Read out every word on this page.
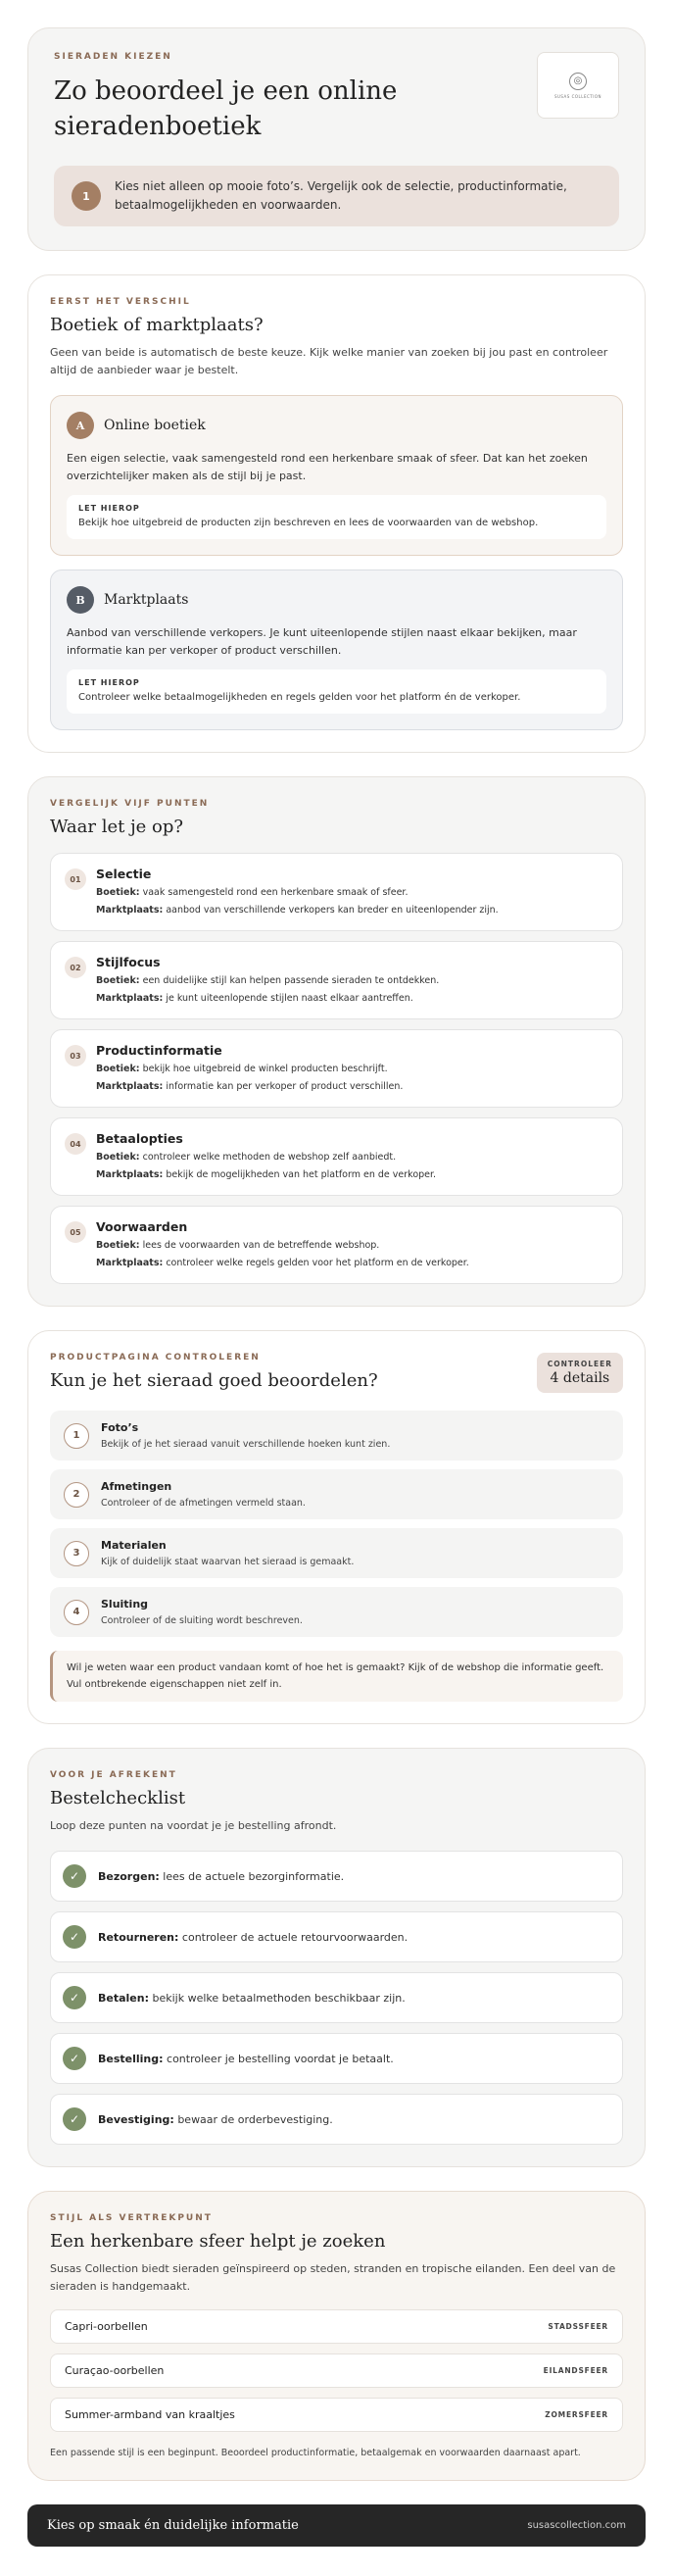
SIERADEN KIEZEN
Zo beoordeel je een online sieradenboetiek
◎
SUSAS COLLECTION
1

Kies niet alleen op mooie foto’s. Vergelijk ook de selectie, productinformatie, betaalmogelijkheden en voorwaarden.

EERST HET VERSCHIL
Boetiek of marktplaats?

Geen van beide is automatisch de beste keuze. Kijk welke manier van zoeken bij jou past en controleer altijd de aanbieder waar je bestelt.

A	Online boetiek

Een eigen selectie, vaak samengesteld rond een herkenbare smaak of sfeer. Dat kan het zoeken overzichtelijker maken als de stijl bij je past.

LET HIEROP
Bekijk hoe uitgebreid de producten zijn beschreven en lees de voorwaarden van de webshop.
B	Marktplaats

Aanbod van verschillende verkopers. Je kunt uiteenlopende stijlen naast elkaar bekijken, maar informatie kan per verkoper of product verschillen.

LET HIEROP
Controleer welke betaalmogelijkheden en regels gelden voor het platform én de verkoper.
VERGELIJK VIJF PUNTEN
Waar let je op?
01	Selectie
Boetiek: vaak samengesteld rond een herkenbare smaak of sfeer.
Marktplaats: aanbod van verschillende verkopers kan breder en uiteenlopender zijn.
02	Stijlfocus
Boetiek: een duidelijke stijl kan helpen passende sieraden te ontdekken.
Marktplaats: je kunt uiteenlopende stijlen naast elkaar aantreffen.
03	Productinformatie
Boetiek: bekijk hoe uitgebreid de winkel producten beschrijft.
Marktplaats: informatie kan per verkoper of product verschillen.
04	Betaalopties
Boetiek: controleer welke methoden de webshop zelf aanbiedt.
Marktplaats: bekijk de mogelijkheden van het platform en de verkoper.
05	Voorwaarden
Boetiek: lees de voorwaarden van de betreffende webshop.
Marktplaats: controleer welke regels gelden voor het platform en de verkoper.
PRODUCTPAGINA CONTROLEREN
Kun je het sieraad goed beoordelen?
CONTROLEER
4 details
1
Foto’s
Bekijk of je het sieraad vanuit verschillende hoeken kunt zien.
2
Afmetingen
Controleer of de afmetingen vermeld staan.
3
Materialen
Kijk of duidelijk staat waarvan het sieraad is gemaakt.
4
Sluiting
Controleer of de sluiting wordt beschreven.
Wil je weten waar een product vandaan komt of hoe het is gemaakt? Kijk of de webshop die informatie geeft. Vul ontbrekende eigenschappen niet zelf in.
VOOR JE AFREKENT
Bestelchecklist

Loop deze punten na voordat je je bestelling afrondt.

✓	Bezorgen: lees de actuele bezorginformatie.
✓	Retourneren: controleer de actuele retourvoorwaarden.
✓	Betalen: bekijk welke betaalmethoden beschikbaar zijn.
✓	Bestelling: controleer je bestelling voordat je betaalt.
✓	Bevestiging: bewaar de orderbevestiging.
STIJL ALS VERTREKPUNT
Een herkenbare sfeer helpt je zoeken

Susas Collection biedt sieraden geïnspireerd op steden, stranden en tropische eilanden. Een deel van de sieraden is handgemaakt.

Capri-oorbellen	STADSSFEER
Curaçao-oorbellen	EILANDSFEER
Summer-armband van kraaltjes	ZOMERSFEER

Een passende stijl is een beginpunt. Beoordeel productinformatie, betaalgemak en voorwaarden daarnaast apart.

Kies op smaak én duidelijke informatie	susascollection.com
